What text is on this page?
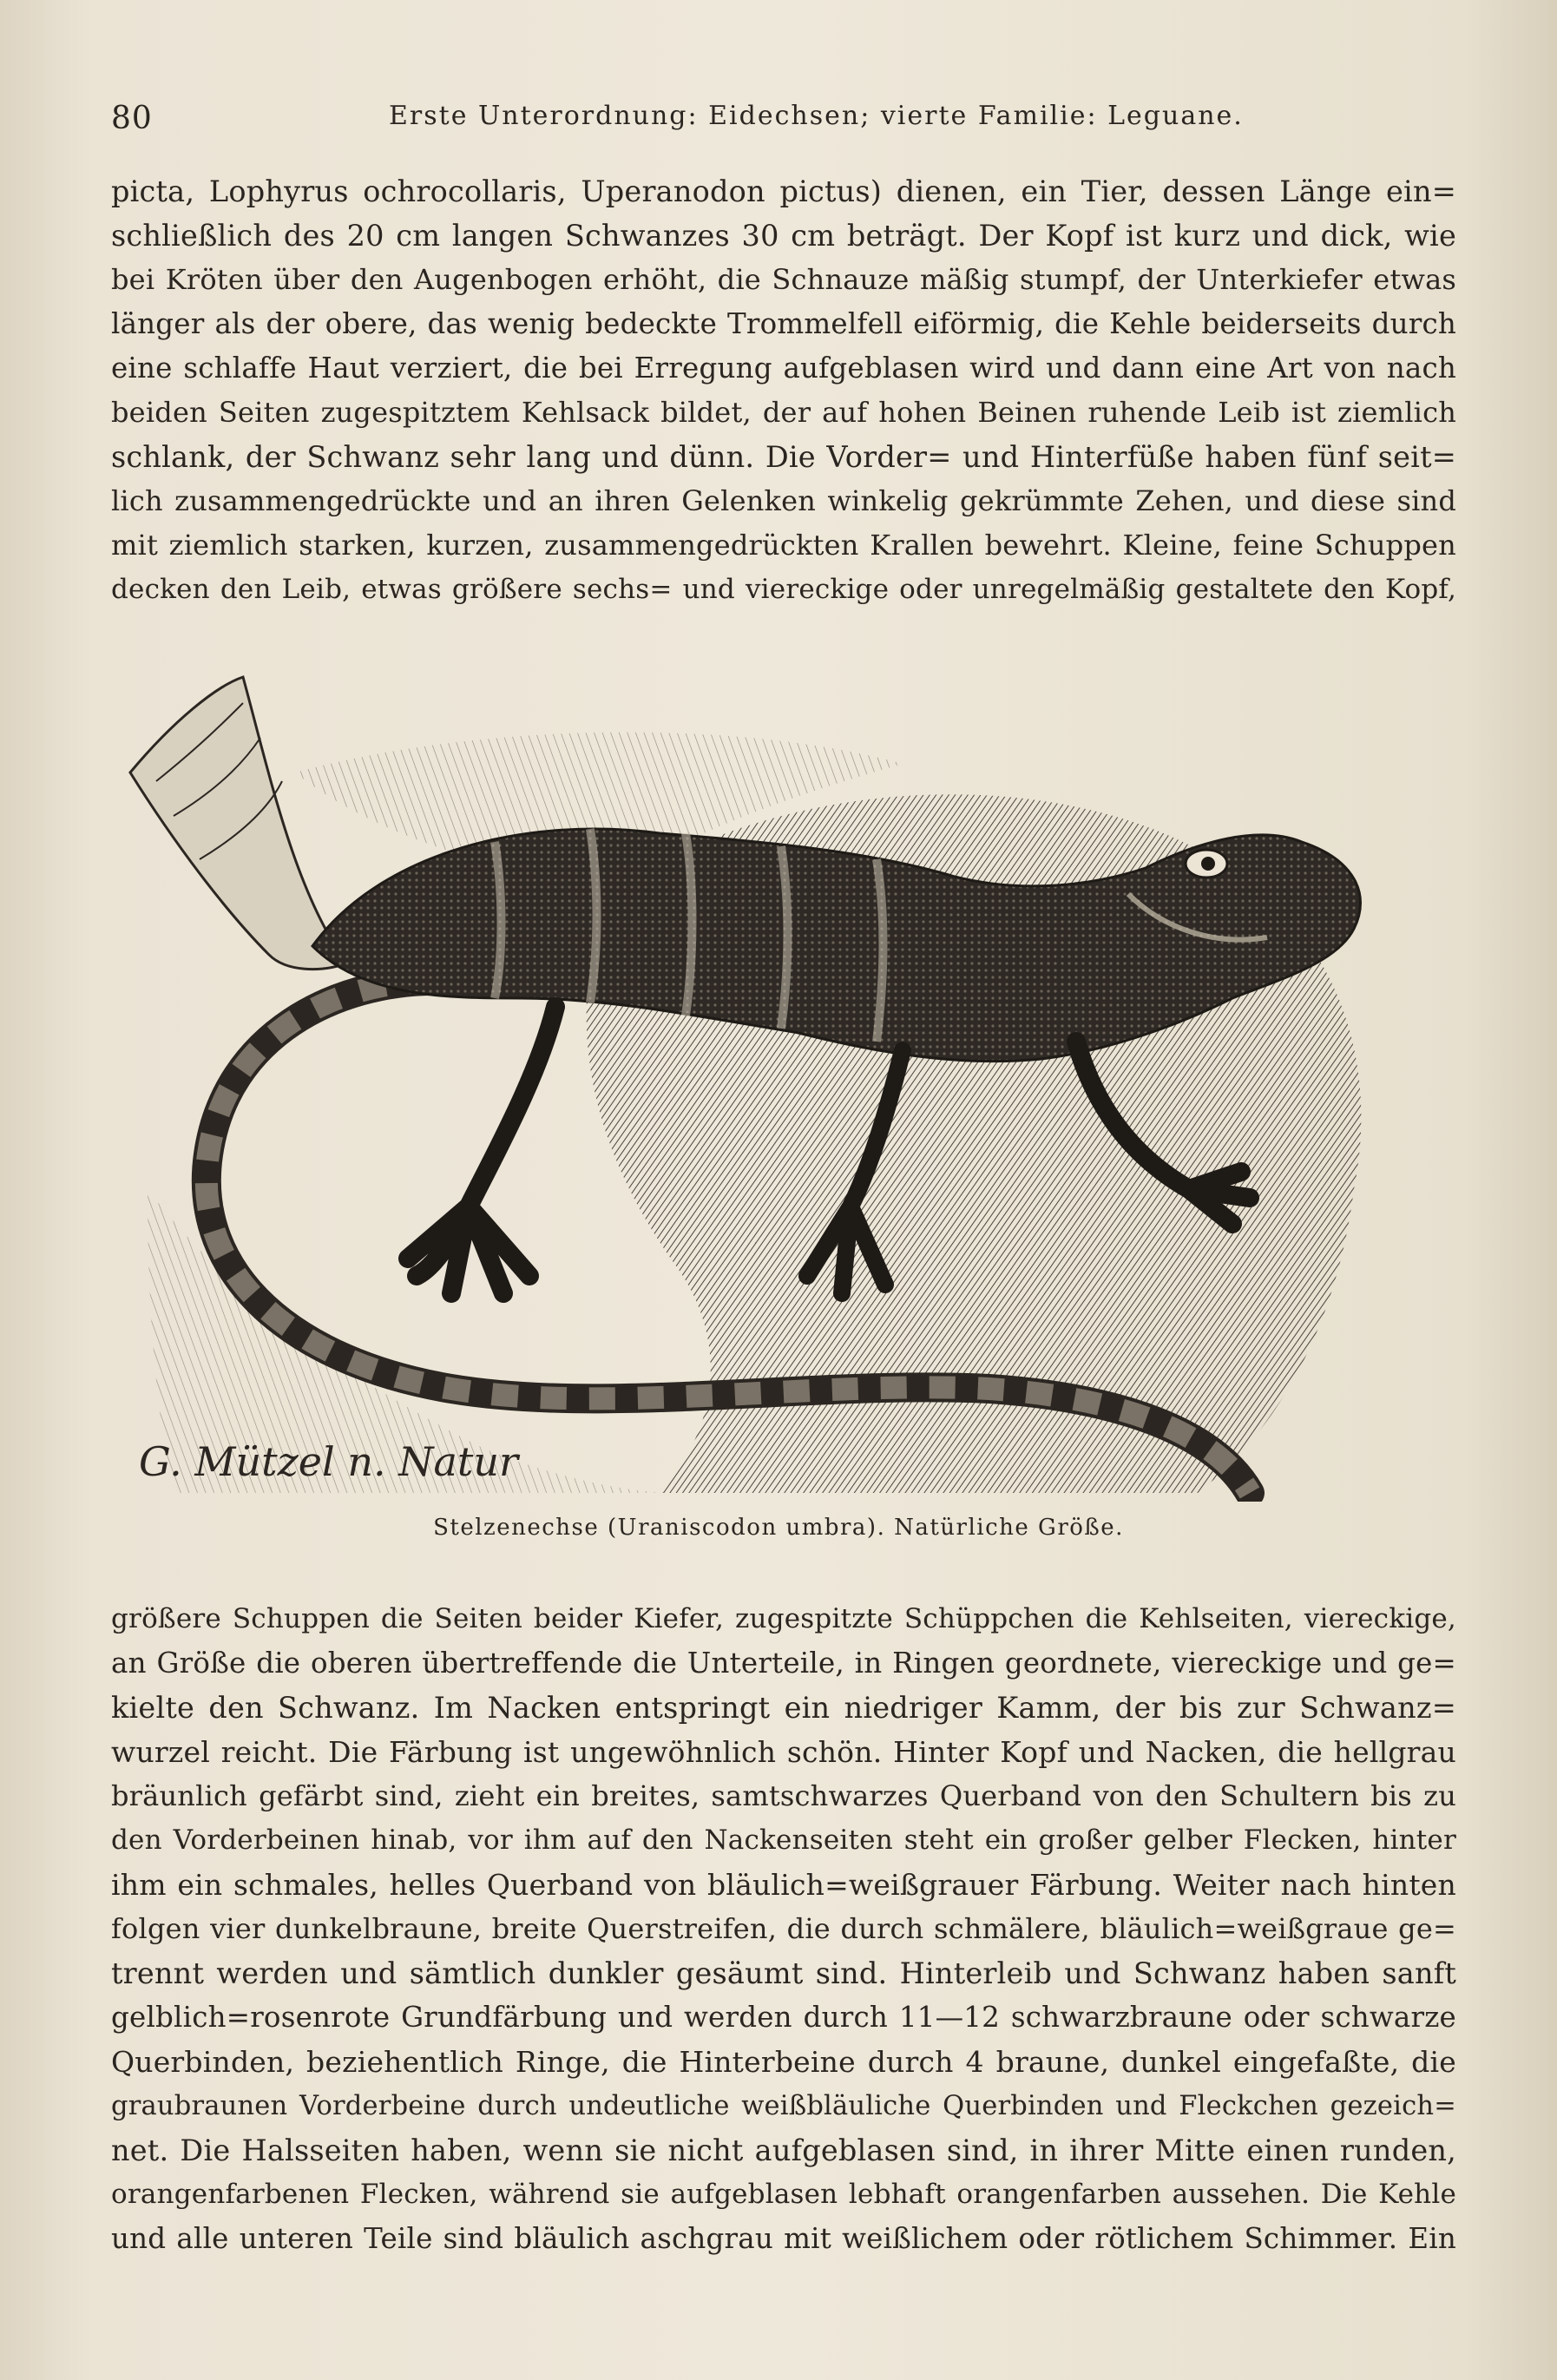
80	Erste Unterordnung: Eidechsen; vierte Familie: Leguane.
picta, Lophyrus ochrocollaris, Uperanodon pictus) dienen, ein Tier, dessen Länge ein=
schließlich des 20 cm langen Schwanzes 30 cm beträgt. Der Kopf ist kurz und dick, wie
bei Kröten über den Augenbogen erhöht, die Schnauze mäßig stumpf, der Unterkiefer etwas
länger als der obere, das wenig bedeckte Trommelfell eiförmig, die Kehle beiderseits durch
eine schlaffe Haut verziert, die bei Erregung aufgeblasen wird und dann eine Art von nach
beiden Seiten zugespitztem Kehlsack bildet, der auf hohen Beinen ruhende Leib ist ziemlich
schlank, der Schwanz sehr lang und dünn. Die Vorder= und Hinterfüße haben fünf seit=
lich zusammengedrückte und an ihren Gelenken winkelig gekrümmte Zehen, und diese sind
mit ziemlich starken, kurzen, zusammengedrückten Krallen bewehrt. Kleine, feine Schuppen
decken den Leib, etwas größere sechs= und viereckige oder unregelmäßig gestaltete den Kopf,
G. Mützel n. Natur
Stelzenechse (Uraniscodon umbra). Natürliche Größe.
größere Schuppen die Seiten beider Kiefer, zugespitzte Schüppchen die Kehlseiten, viereckige,
an Größe die oberen übertreffende die Unterteile, in Ringen geordnete, viereckige und ge=
kielte den Schwanz. Im Nacken entspringt ein niedriger Kamm, der bis zur Schwanz=
wurzel reicht. Die Färbung ist ungewöhnlich schön. Hinter Kopf und Nacken, die hellgrau
bräunlich gefärbt sind, zieht ein breites, samtschwarzes Querband von den Schultern bis zu
den Vorderbeinen hinab, vor ihm auf den Nackenseiten steht ein großer gelber Flecken, hinter
ihm ein schmales, helles Querband von bläulich=weißgrauer Färbung. Weiter nach hinten
folgen vier dunkelbraune, breite Querstreifen, die durch schmälere, bläulich=weißgraue ge=
trennt werden und sämtlich dunkler gesäumt sind. Hinterleib und Schwanz haben sanft
gelblich=rosenrote Grundfärbung und werden durch 11—12 schwarzbraune oder schwarze
Querbinden, beziehentlich Ringe, die Hinterbeine durch 4 braune, dunkel eingefaßte, die
graubraunen Vorderbeine durch undeutliche weißbläuliche Querbinden und Fleckchen gezeich=
net. Die Halsseiten haben, wenn sie nicht aufgeblasen sind, in ihrer Mitte einen runden,
orangenfarbenen Flecken, während sie aufgeblasen lebhaft orangenfarben aussehen. Die Kehle
und alle unteren Teile sind bläulich aschgrau mit weißlichem oder rötlichem Schimmer. Ein
